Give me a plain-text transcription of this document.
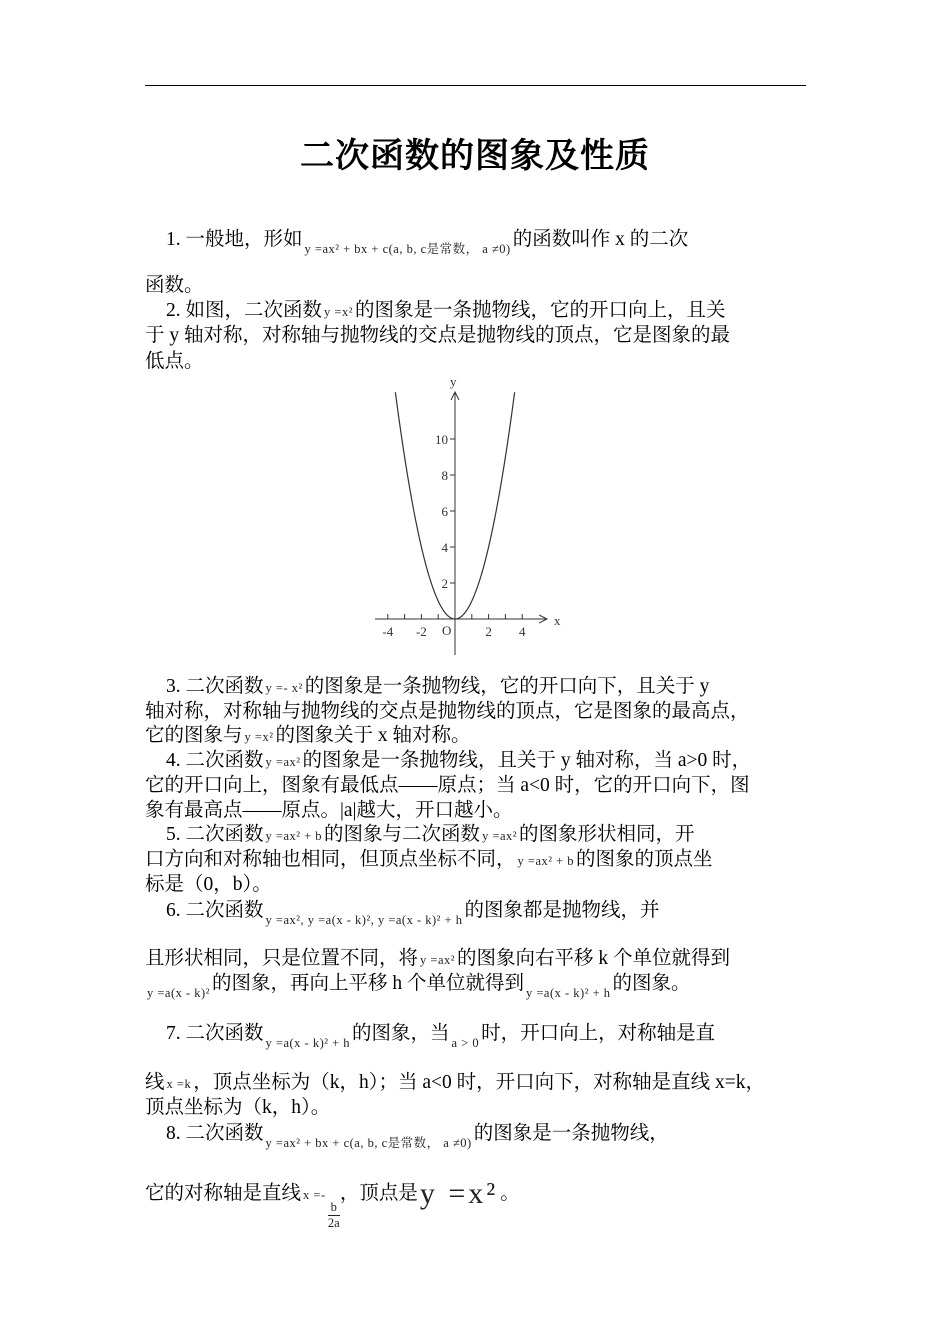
二次函数的图象及性质
1. 一般地，形如 y =ax² + bx + c(a, b, c是常数， a ≠0) 的函数叫作 x 的二次
函数。
2. 如图，二次函数 y =x² 的图象是一条抛物线，它的开口向上，且关
于 y 轴对称，对称轴与抛物线的交点是抛物线的顶点，它是图象的最
低点。
y
x
O
10
8
6
4
2
-4 -2	2 4
3. 二次函数 y =- x² 的图象是一条抛物线，它的开口向下，且关于 y
轴对称，对称轴与抛物线的交点是抛物线的顶点，它是图象的最高点，
它的图象与 y =x² 的图象关于 x 轴对称。
4. 二次函数 y =ax² 的图象是一条抛物线，且关于 y 轴对称，当 a>0 时，
它的开口向上，图象有最低点——原点；当 a<0 时，它的开口向下，图
象有最高点——原点。|a|越大，开口越小。
5. 二次函数 y =ax² + b 的图象与二次函数 y =ax² 的图象形状相同，开
口方向和对称轴也相同，但顶点坐标不同， y =ax² + b 的图象的顶点坐
标是（0，b）。
6. 二次函数 y =ax², y =a(x - k)², y =a(x - k)² + h 的图象都是抛物线，并
且形状相同，只是位置不同，将 y =ax² 的图象向右平移 k 个单位就得到
y =a(x - k)² 的图象，再向上平移 h 个单位就得到 y =a(x - k)² + h 的图象。
7. 二次函数 y =a(x - k)² + h 的图象，当 a > 0 时，开口向上，对称轴是直
线 x =k ，顶点坐标为（k，h）；当 a<0 时，开口向下，对称轴是直线 x=k，
顶点坐标为（k，h）。
8. 二次函数 y =ax² + bx + c(a, b, c是常数， a ≠0) 的图象是一条抛物线，
它的对称轴是直线 x =-
$\frac{b}{2a}$
，顶点是y =x² 。
